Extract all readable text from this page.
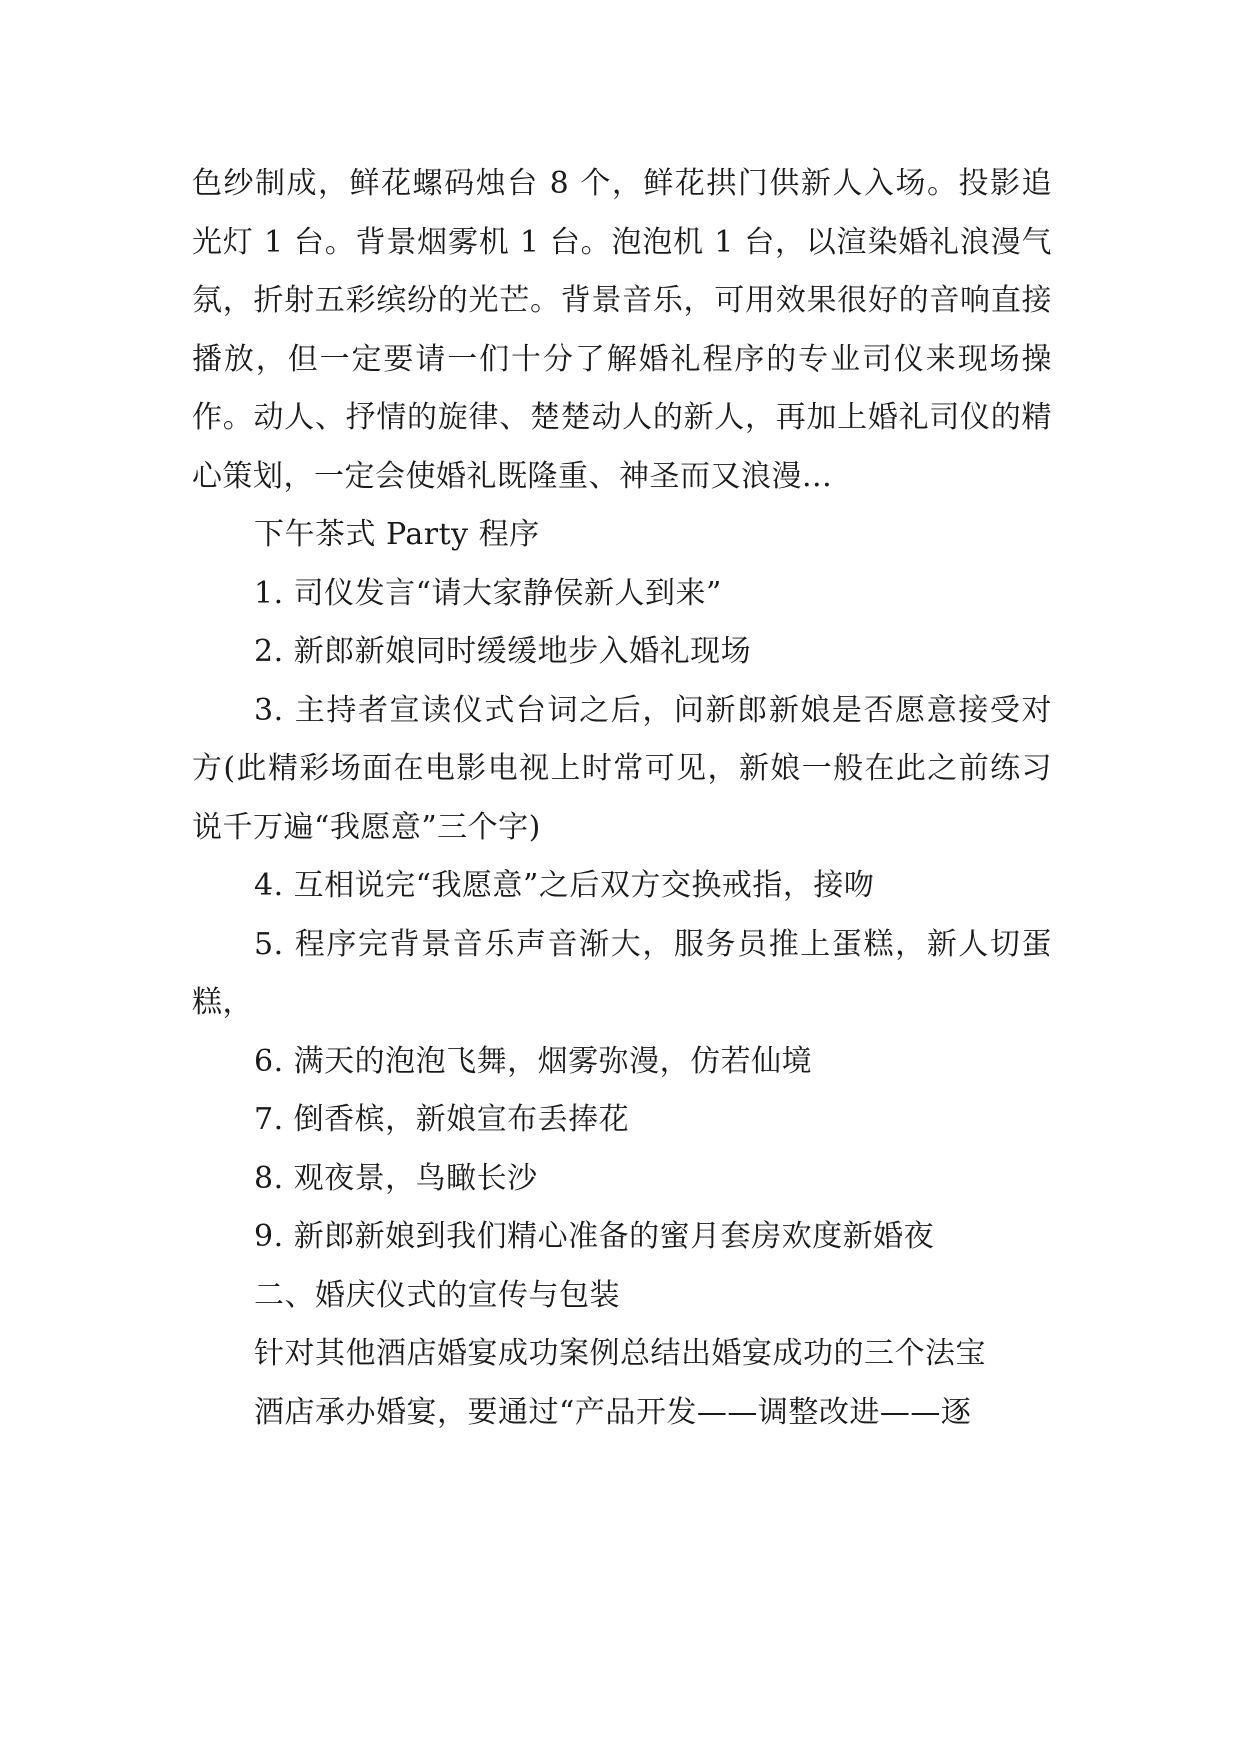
色纱制成，鲜花螺码烛台 8 个，鲜花拱门供新人入场。投影追光灯 1 台。背景烟雾机 1 台。泡泡机 1 台，以渲染婚礼浪漫气氛，折射五彩缤纷的光芒。背景音乐，可用效果很好的音响直接播放，但一定要请一们十分了解婚礼程序的专业司仪来现场操作。动人、抒情的旋律、楚楚动人的新人，再加上婚礼司仪的精心策划，一定会使婚礼既隆重、神圣而又浪漫...

下午茶式 Party 程序

1. 司仪发言“请大家静侯新人到来”

2. 新郎新娘同时缓缓地步入婚礼现场

3. 主持者宣读仪式台词之后，问新郎新娘是否愿意接受对方(此精彩场面在电影电视上时常可见，新娘一般在此之前练习说千万遍“我愿意”三个字)

4. 互相说完“我愿意”之后双方交换戒指，接吻

5. 程序完背景音乐声音渐大，服务员推上蛋糕，新人切蛋糕，

6. 满天的泡泡飞舞，烟雾弥漫，仿若仙境

7. 倒香槟，新娘宣布丢捧花

8. 观夜景，鸟瞰长沙

9. 新郎新娘到我们精心准备的蜜月套房欢度新婚夜

二、婚庆仪式的宣传与包装

针对其他酒店婚宴成功案例总结出婚宴成功的三个法宝

酒店承办婚宴，要通过“产品开发——调整改进——逐
